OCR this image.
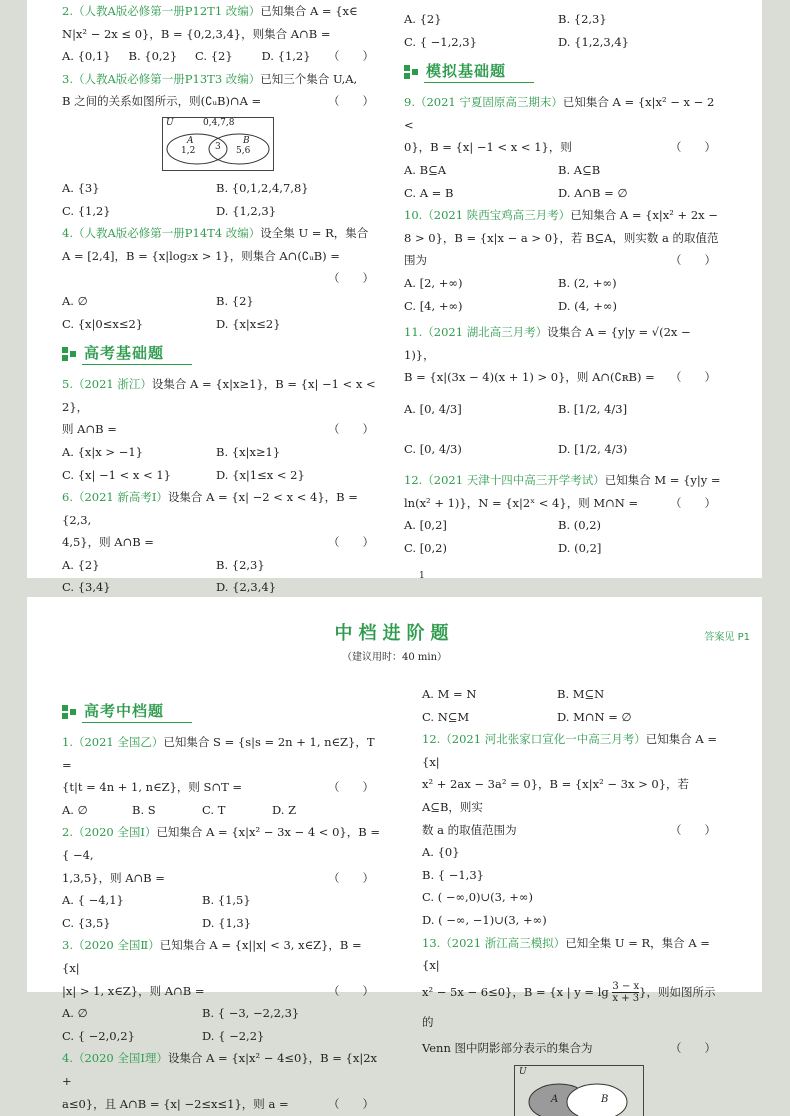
2.（人教A版必修第一册P12T1 改编）已知集合 A = {x∈
N|x² − 2x ≤ 0}，B = {0,2,3,4}，则集合 A∩B =
（　　）
A. {0,1}	B. {0,2}	C. {2}	D. {1,2}
3.（人教A版必修第一册P13T3 改编）已知三个集合 U,A,
B 之间的关系如图所示，则(∁ᵤB)∩A =	（　　）
U	0,4,7,8
A
1,2 3
B
5,6
A. {3}	B. {0,1,2,4,7,8}
C. {1,2}	D. {1,2,3}
4.（人教A版必修第一册P14T4 改编）设全集 U = R，集合
A = [2,4]，B = {x|log₂x > 1}，则集合 A∩(∁ᵤB) =

（　　）

A. ∅	B. {2}
C. {x|0≤x≤2}	D. {x|x≤2}
高考基础题
5.（2021 浙江）设集合 A = {x|x≥1}，B = {x| −1 < x < 2}，
则 A∩B =	（　　）
A. {x|x > −1}	B. {x|x≥1}
C. {x| −1 < x < 1}	D. {x|1≤x < 2}
6.（2021 新高考Ⅰ）设集合 A = {x| −2 < x < 4}，B = {2,3,
4,5}，则 A∩B =	（　　）
A. {2}	B. {2,3}
C. {3,4}	D. {2,3,4}
A. {2}	B. {2,3}
C. { −1,2,3}	D. {1,2,3,4}
模拟基础题
9.（2021 宁夏固原高三期末）已知集合 A = {x|x² − x − 2 <
0}，B = {x| −1 < x < 1}，则	（　　）
A. B⊆A	B. A⊆B
C. A = B	D. A∩B = ∅
10.（2021 陕西宝鸡高三月考）已知集合 A = {x|x² + 2x −
8 > 0}，B = {x|x − a > 0}，若 B⊆A，则实数 a 的取值范
围为	（　　）
A. [2, +∞)	B. (2, +∞)
C. [4, +∞)	D. (4, +∞)
11.（2021 湖北高三月考）设集合 A = {y|y = √(2x − 1)}，
B = {x|(3x − 4)(x + 1) > 0}，则 A∩(∁ʀB) = （　　）
A. [0, 4/3]	B. [1/2, 4/3]
C. [0, 4/3)	D. [1/2, 4/3)
12.（2021 天津十四中高三开学考试）已知集合 M = {y|y =
ln(x² + 1)}，N = {x|2ˣ < 4}，则 M∩N =	（　　）
A. [0,2]	B. (0,2)
C. [0,2)	D. (0,2]
1
中档进阶题
（建议用时：40 min）
答案见 P1
高考中档题
1.（2021 全国乙）已知集合 S = {s|s = 2n + 1, n∈Z}，T =
{t|t = 4n + 1, n∈Z}，则 S∩T =	（　　）
A. ∅	B. S	C. T	D. Z
2.（2020 全国Ⅰ）已知集合 A = {x|x² − 3x − 4 < 0}，B = { −4,
1,3,5}，则 A∩B =	（　　）
A. { −4,1}	B. {1,5}
C. {3,5}	D. {1,3}
3.（2020 全国Ⅱ）已知集合 A = {x||x| < 3, x∈Z}，B = {x|
|x| > 1, x∈Z}，则 A∩B =	（　　）
A. ∅	B. { −3, −2,2,3}
C. { −2,0,2}	D. { −2,2}
4.（2020 全国Ⅰ理）设集合 A = {x|x² − 4≤0}，B = {x|2x +
a≤0}，且 A∩B = {x| −2≤x≤1}，则 a =	（　　）
A. M = N	B. M⊆N
C. N⊆M	D. M∩N = ∅
12.（2021 河北张家口宣化一中高三月考）已知集合 A = {x|
x² + 2ax − 3a² = 0}，B = {x|x² − 3x > 0}，若 A⊆B，则实
数 a 的取值范围为	（　　）
A. {0}
B. { −1,3}
C. ( −∞,0)∪(3, +∞)
D. ( −∞, −1)∪(3, +∞)
13.（2021 浙江高三模拟）已知全集 U = R，集合 A = {x|
x² − 5x − 6≤0}，B = {x | $y = \lg \frac{3 - x}{x + 3}$ }，则如图所示的
Venn 图中阴影部分表示的集合为	（　　）
U
A	B
